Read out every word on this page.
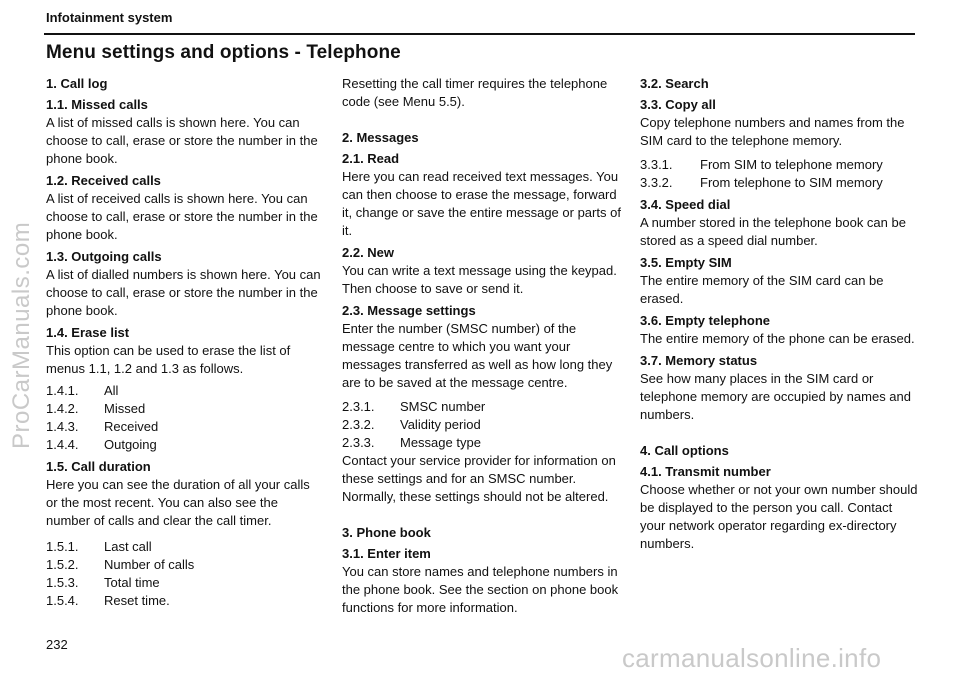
Infotainment system
Menu settings and options - Telephone
1. Call log
1.1. Missed calls
A list of missed calls is shown here. You can choose to call, erase or store the number in the phone book.
1.2. Received calls
A list of received calls is shown here. You can choose to call, erase or store the number in the phone book.
1.3. Outgoing calls
A list of dialled numbers is shown here. You can choose to call, erase or store the number in the phone book.
1.4. Erase list
This option can be used to erase the list of menus 1.1, 1.2 and 1.3 as follows.
1.4.1.	All
1.4.2.	Missed
1.4.3.	Received
1.4.4.	Outgoing
1.5. Call duration
Here you can see the duration of all your calls or the most recent. You can also see the number of calls and clear the call timer.
1.5.1.	Last call
1.5.2.	Number of calls
1.5.3.	Total time
1.5.4.	Reset time.
Resetting the call timer requires the telephone code (see Menu 5.5).
2. Messages
2.1. Read
Here you can read received text messages. You can then choose to erase the message, forward it, change or save the entire message or parts of it.
2.2. New
You can write a text message using the keypad. Then choose to save or send it.
2.3. Message settings
Enter the number (SMSC number) of the message centre to which you want your messages transferred as well as how long they are to be saved at the message centre.
2.3.1.	SMSC number
2.3.2.	Validity period
2.3.3.	Message type
Contact your service provider for information on these settings and for an SMSC number. Normally, these settings should not be altered.
3. Phone book
3.1. Enter item
You can store names and telephone numbers in the phone book. See the section on phone book functions for more information.
3.2. Search
3.3. Copy all
Copy telephone numbers and names from the SIM card to the telephone memory.
3.3.1.	From SIM to telephone memory
3.3.2.	From telephone to SIM memory
3.4. Speed dial
A number stored in the telephone book can be stored as a speed dial number.
3.5. Empty SIM
The entire memory of the SIM card can be erased.
3.6. Empty telephone
The entire memory of the phone can be erased.
3.7. Memory status
See how many places in the SIM card or telephone memory are occupied by names and numbers.
4. Call options
4.1. Transmit number
Choose whether or not your own number should be displayed to the person you call. Contact your network operator regarding ex-directory numbers.
232
ProCarManuals.com
carmanualsonline.info
